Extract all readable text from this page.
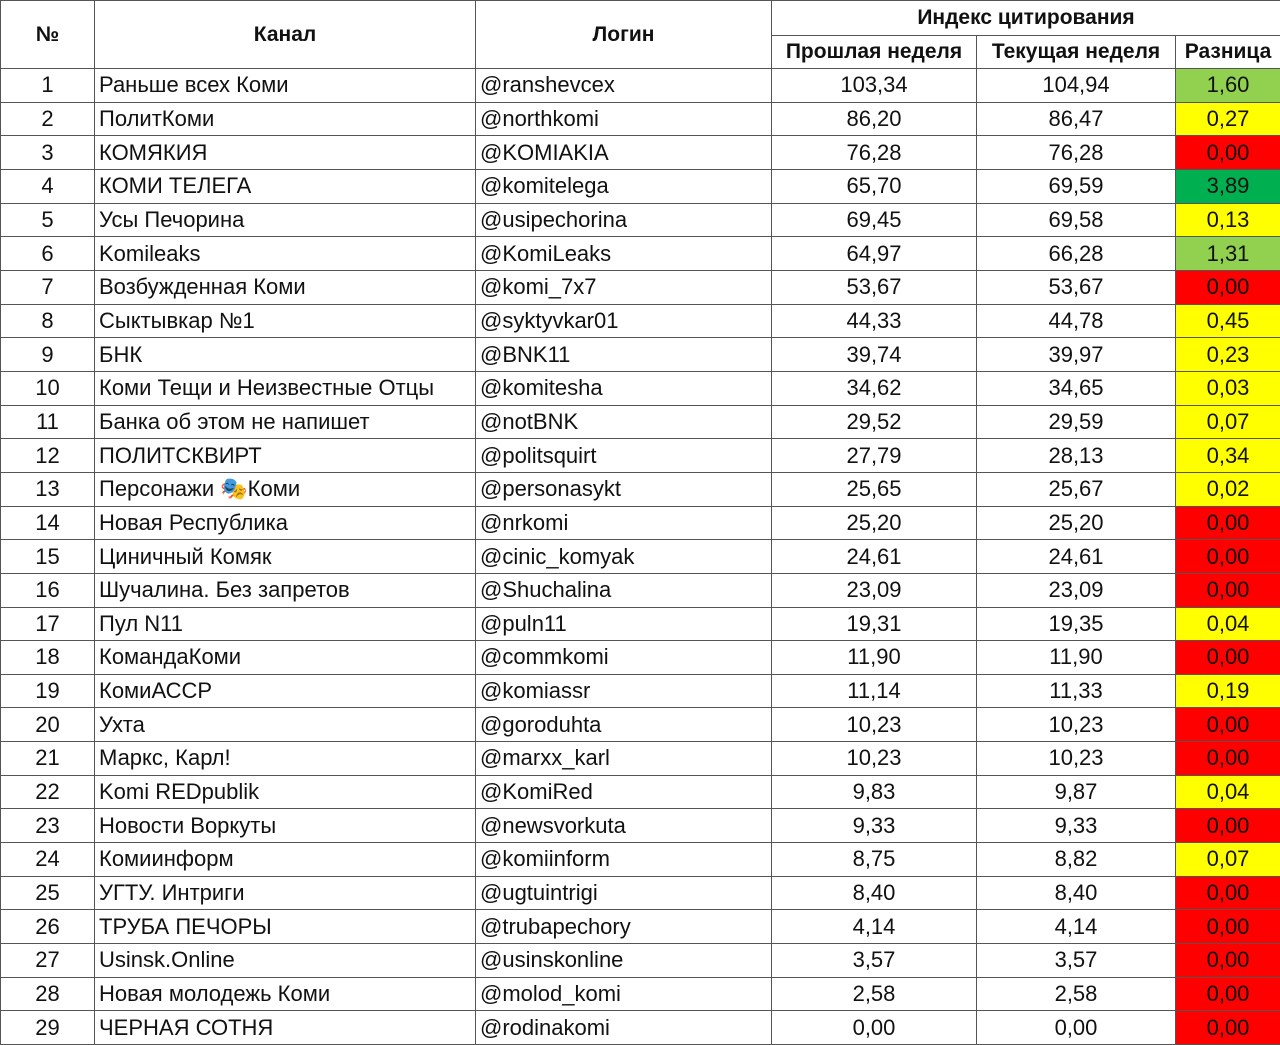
№	Канал	Логин	Индекс цитирования		
			Прошлая неделя	Текущая неделя	Разница
1	Раньше всех Коми	@ranshevcex	103,34	104,94	1,60
2	ПолитКоми	@northkomi	86,20	86,47	0,27
3	КОМЯКИЯ	@KOMIAKIA	76,28	76,28	0,00
4	КОМИ ТЕЛЕГА	@komitelega	65,70	69,59	3,89
5	Усы Печорина	@usipechorina	69,45	69,58	0,13
6	Komileaks	@KomiLeaks	64,97	66,28	1,31
7	Возбужденная Коми	@komi_7x7	53,67	53,67	0,00
8	Сыктывкар №1	@syktyvkar01	44,33	44,78	0,45
9	БНК	@BNK11	39,74	39,97	0,23
10	Коми Тещи и Неизвестные Отцы	@komitesha	34,62	34,65	0,03
11	Банка об этом не напишет	@notBNK	29,52	29,59	0,07
12	ПОЛИТСКВИРТ	@politsquirt	27,79	28,13	0,34
13	Персонажи 🎭Коми	@personasykt	25,65	25,67	0,02
14	Новая Республика	@nrkomi	25,20	25,20	0,00
15	Циничный Комяк	@cinic_komyak	24,61	24,61	0,00
16	Шучалина. Без запретов	@Shuchalina	23,09	23,09	0,00
17	Пул N11	@puln11	19,31	19,35	0,04
18	КомандаКоми	@commkomi	11,90	11,90	0,00
19	КомиАССР	@komiassr	11,14	11,33	0,19
20	Ухта	@goroduhta	10,23	10,23	0,00
21	Маркс, Карл!	@marxx_karl	10,23	10,23	0,00
22	Komi REDpublik	@KomiRed	9,83	9,87	0,04
23	Новости Воркуты	@newsvorkuta	9,33	9,33	0,00
24	Комиинформ	@komiinform	8,75	8,82	0,07
25	УГТУ. Интриги	@ugtuintrigi	8,40	8,40	0,00
26	ТРУБА ПЕЧОРЫ	@trubapechory	4,14	4,14	0,00
27	Usinsk.Online	@usinskonline	3,57	3,57	0,00
28	Новая молодежь Коми	@molod_komi	2,58	2,58	0,00
29	ЧЕРНАЯ СОТНЯ	@rodinakomi	0,00	0,00	0,00
